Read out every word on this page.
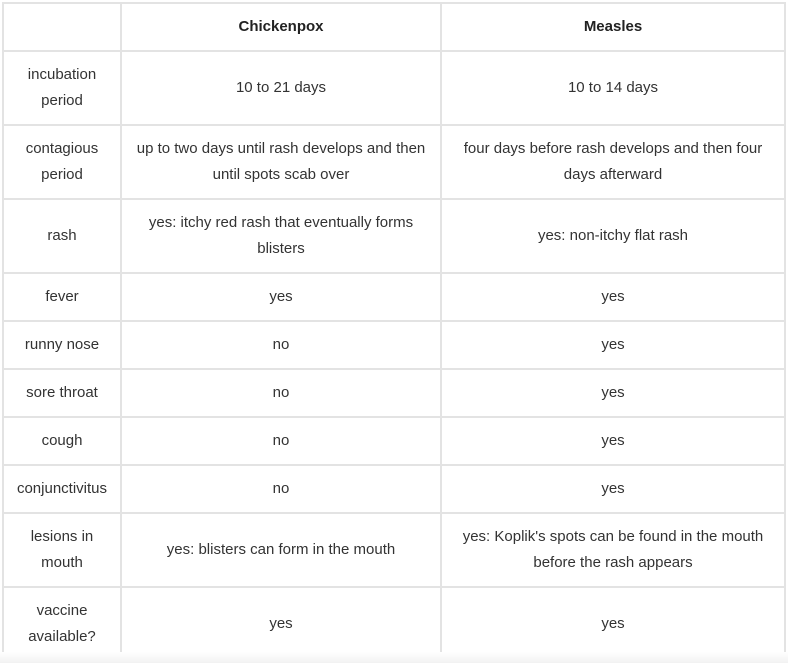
	Chickenpox	Measles
incubation period	10 to 21 days	10 to 14 days
contagious period	up to two days until rash develops and then until spots scab over	four days before rash develops and then four days afterward
rash	yes: itchy red rash that eventually forms blisters	yes: non-itchy flat rash
fever	yes	yes
runny nose	no	yes
sore throat	no	yes
cough	no	yes
conjunctivitus	no	yes
lesions in mouth	yes: blisters can form in the mouth	yes: Koplik's spots can be found in the mouth before the rash appears
vaccine available?	yes	yes
